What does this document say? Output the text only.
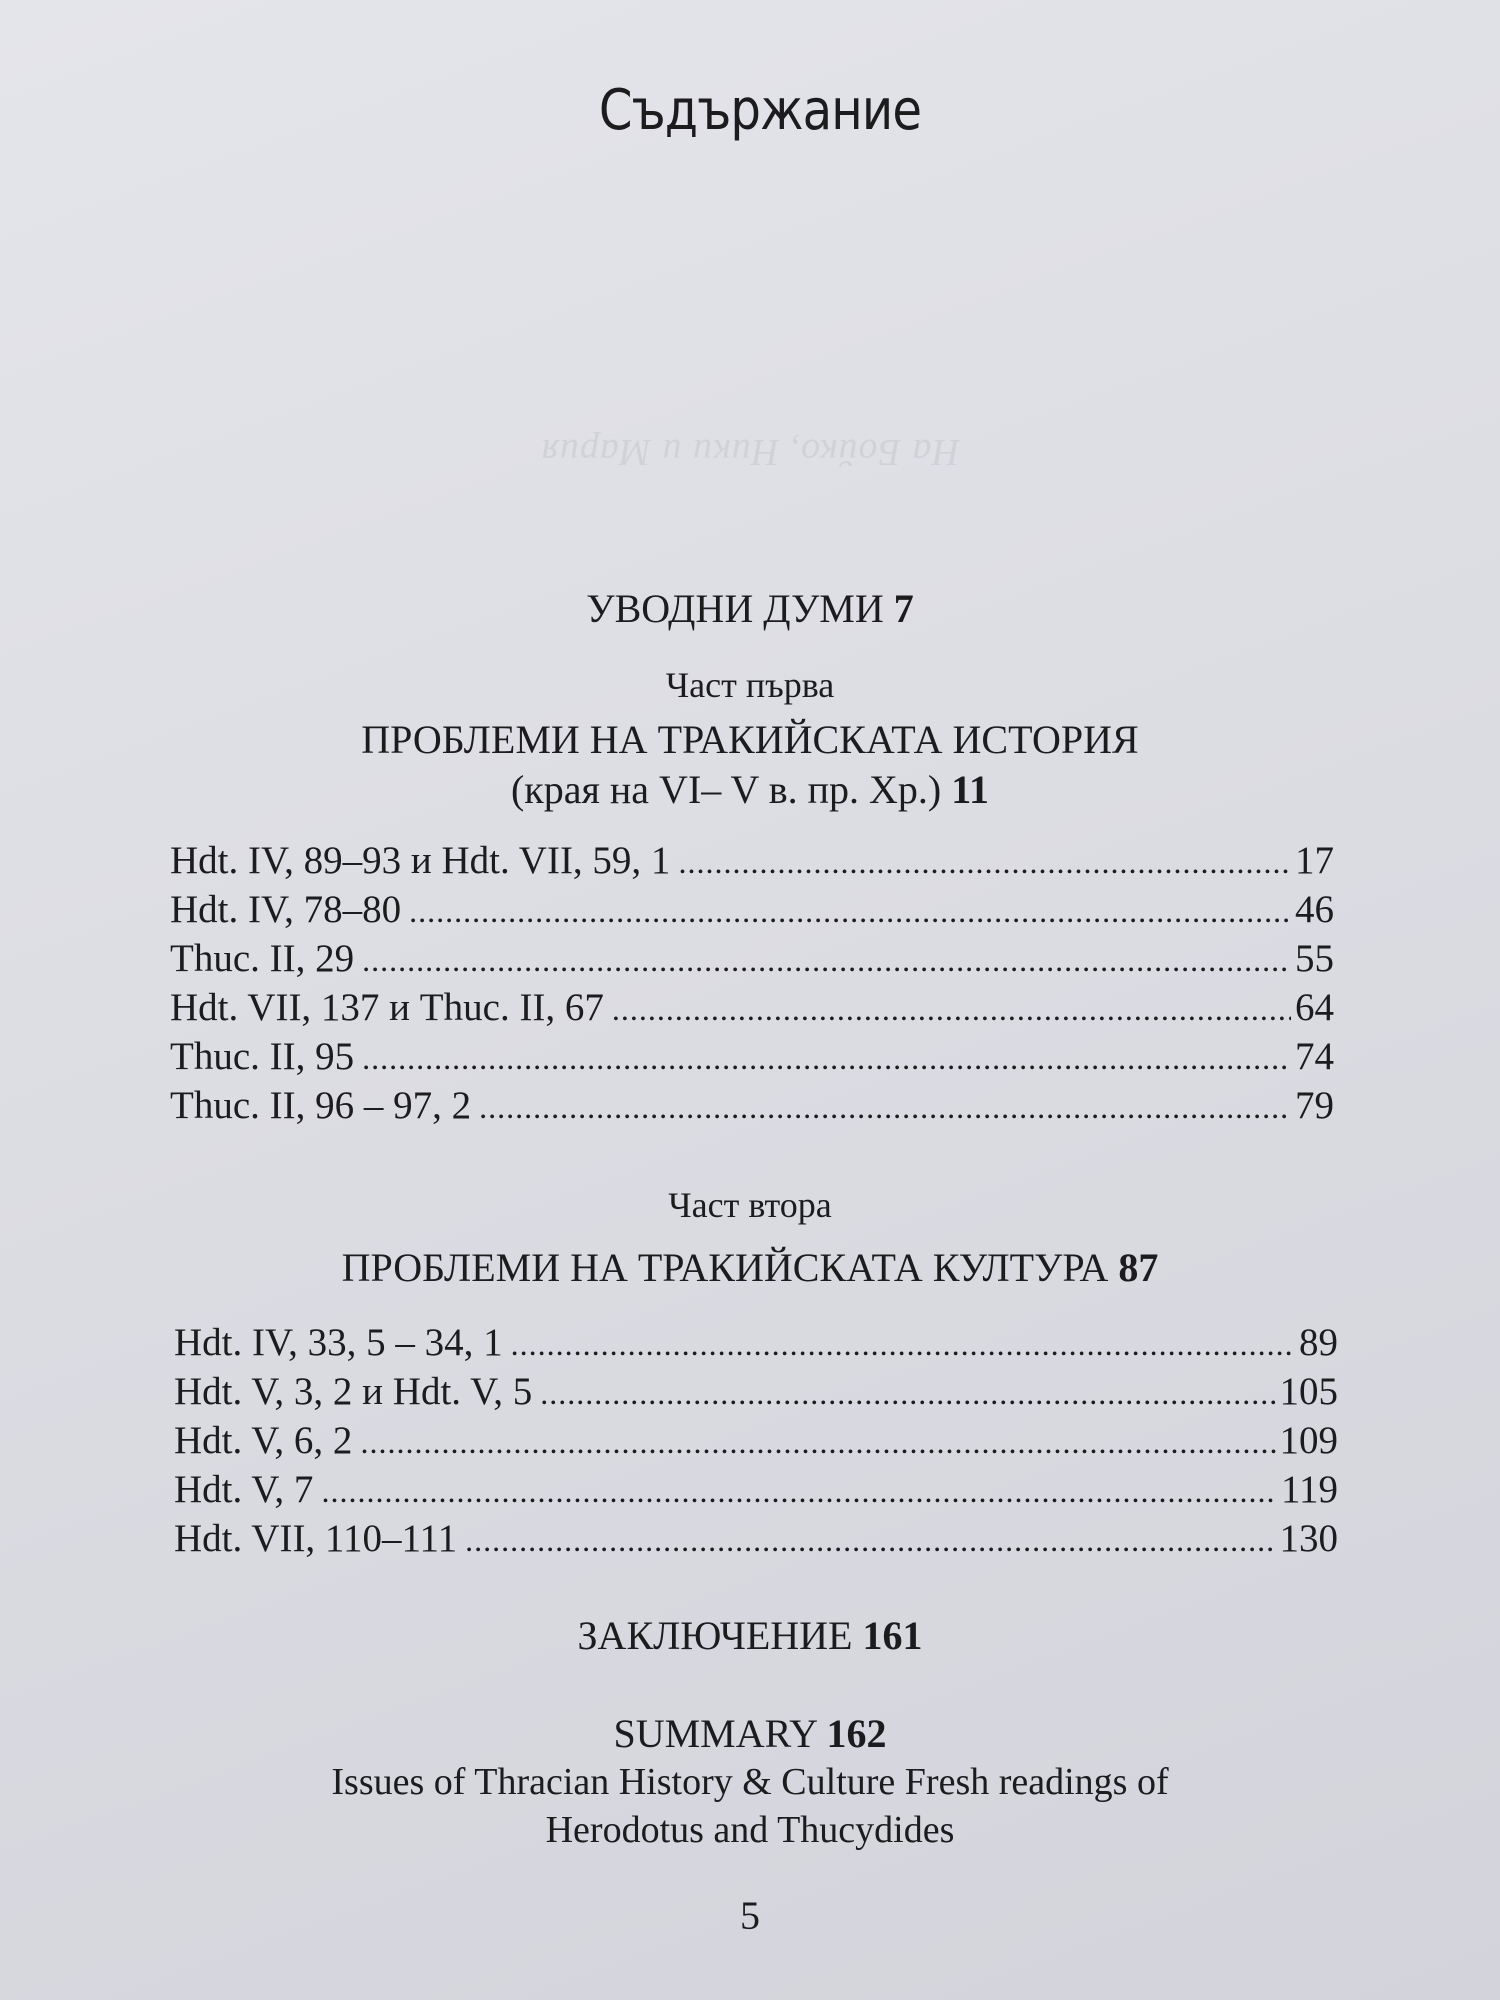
Съдържание
На Бойко, Ники и Мария
УВОДНИ ДУМИ 7
Част първа
ПРОБЛЕМИ НА ТРАКИЙСКАТА ИСТОРИЯ
(края на VI– V в. пр. Хр.) 11
Hdt. IV, 89–93 и Hdt. VII, 59, 1 .....	17
Hdt. IV, 78–80 .....	46
Thuc. II, 29 .....	55
Hdt. VII, 137 и Thuc. II, 67 .....	64
Thuc. II, 95 .....	74
Thuc. II, 96 – 97, 2 .....	79
Част втора
ПРОБЛЕМИ НА ТРАКИЙСКАТА КУЛТУРА 87
Hdt. IV, 33, 5 – 34, 1 .....	89
Hdt. V, 3, 2 и Hdt. V, 5 .....	105
Hdt. V, 6, 2 .....	109
Hdt. V, 7 .....	119
Hdt. VII, 110–111 .....	130
ЗАКЛЮЧЕНИЕ 161
SUMMARY 162
Issues of Thracian History & Culture Fresh readings of
Herodotus and Thucydides
5
